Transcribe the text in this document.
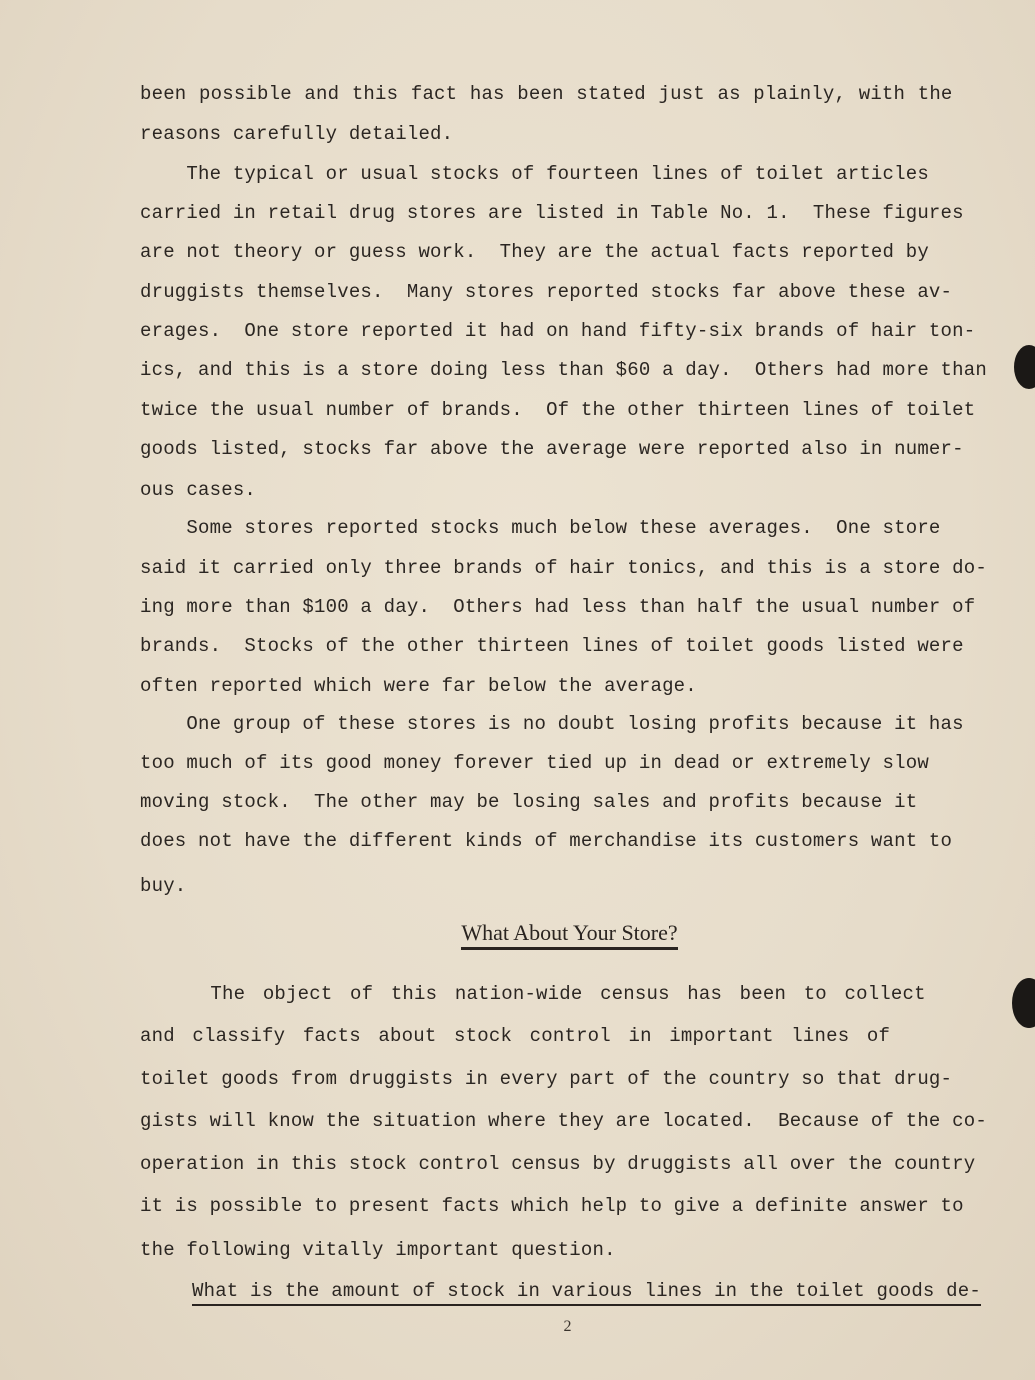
been possible and this fact has been stated just as plainly, with the
reasons carefully detailed.
The typical or usual stocks of fourteen lines of toilet articles
carried in retail drug stores are listed in Table No. 1.  These figures
are not theory or guess work.  They are the actual facts reported by
druggists themselves.  Many stores reported stocks far above these av-
erages.  One store reported it had on hand fifty-six brands of hair ton-
ics, and this is a store doing less than $60 a day.  Others had more than
twice the usual number of brands.  Of the other thirteen lines of toilet
goods listed, stocks far above the average were reported also in numer-
ous cases.
Some stores reported stocks much below these averages.  One store
said it carried only three brands of hair tonics, and this is a store do-
ing more than $100 a day.  Others had less than half the usual number of
brands.  Stocks of the other thirteen lines of toilet goods listed were
often reported which were far below the average.
One group of these stores is no doubt losing profits because it has
too much of its good money forever tied up in dead or extremely slow
moving stock.  The other may be losing sales and profits because it
does not have the different kinds of merchandise its customers want to
buy.
What About Your Store?
The object of this nation-wide census has been to collect
and classify facts about stock control in important lines of
toilet goods from druggists in every part of the country so that drug-
gists will know the situation where they are located.  Because of the co-
operation in this stock control census by druggists all over the country
it is possible to present facts which help to give a definite answer to
the following vitally important question.
What is the amount of stock in various lines in the toilet goods de-
2
